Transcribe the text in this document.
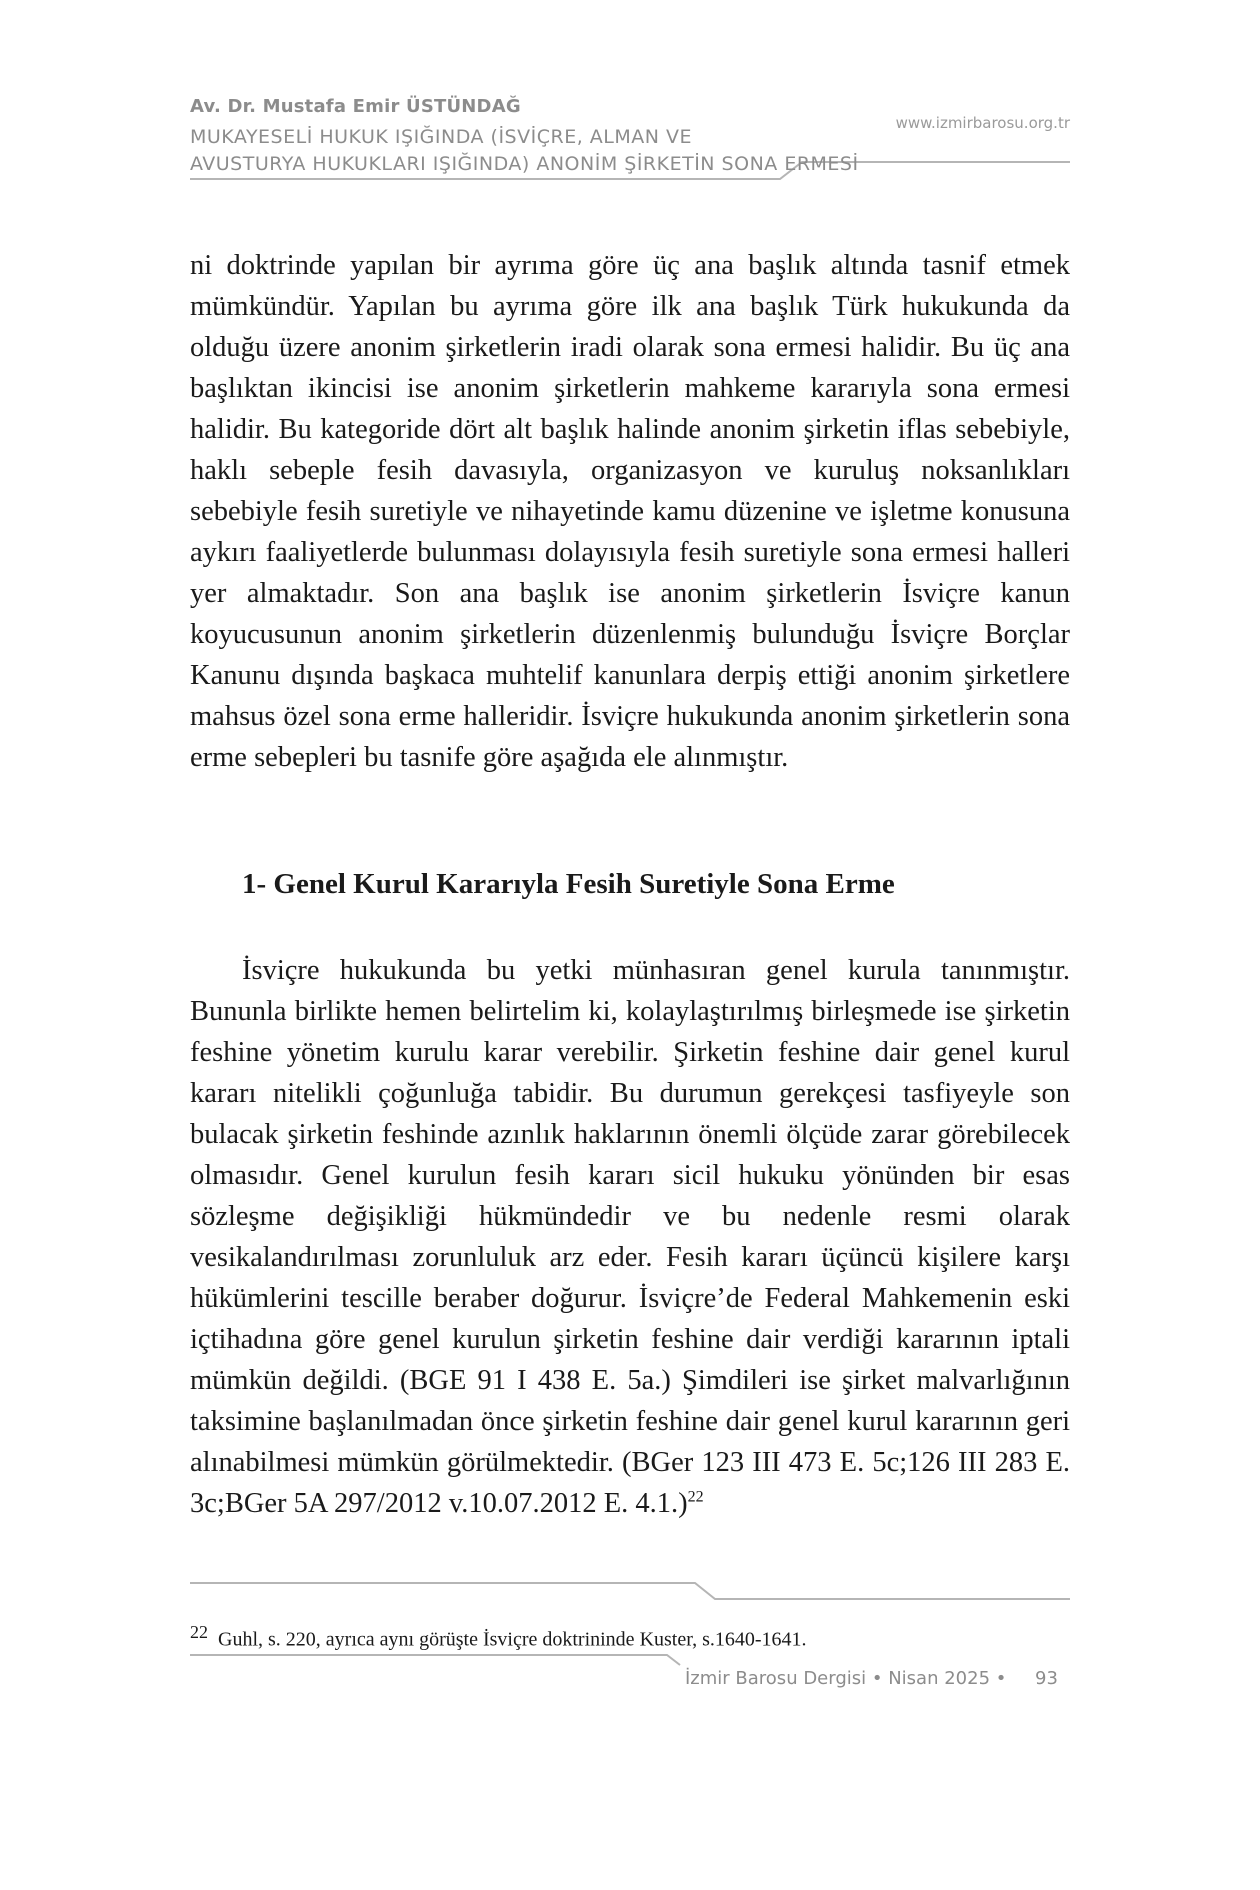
Av. Dr. Mustafa Emir ÜSTÜNDAĞ
MUKAYESELİ HUKUK IŞIĞINDA (İSVİÇRE, ALMAN VE
AVUSTURYA HUKUKLARI IŞIĞINDA) ANONİM ŞİRKETİN SONA ERMESİ
www.izmirbarosu.org.tr

ni doktrinde yapılan bir ayrıma göre üç ana başlık altında tasnif etmek mümkündür. Yapılan bu ayrıma göre ilk ana başlık Türk hukukunda da olduğu üzere anonim şirketlerin iradi olarak sona ermesi halidir. Bu üç ana başlıktan ikincisi ise anonim şirketlerin mahkeme kararıyla sona ermesi halidir. Bu kategoride dört alt başlık halinde anonim şirketin iflas sebebiyle, haklı sebeple fesih davasıyla, organizasyon ve kuruluş noksanlıkları sebebiyle fesih suretiyle ve nihayetinde kamu düzenine ve işletme konusuna aykırı faaliyetlerde bulunması dolayısıyla fesih suretiyle sona ermesi halleri yer almaktadır. Son ana başlık ise anonim şirketlerin İsviçre kanun koyucusunun anonim şirketlerin düzenlenmiş bulunduğu İsviçre Borçlar Kanunu dışında başkaca muhtelif kanunlara derpiş ettiği anonim şirketlere mahsus özel sona erme halleridir. İsviçre hukukunda anonim şirketlerin sona erme sebepleri bu tasnife göre aşağıda ele alınmıştır.

1- Genel Kurul Kararıyla Fesih Suretiyle Sona Erme

İsviçre hukukunda bu yetki münhasıran genel kurula tanınmıştır. Bununla birlikte hemen belirtelim ki, kolaylaştırılmış birleşmede ise şirketin feshine yönetim kurulu karar verebilir. Şirketin feshine dair genel kurul kararı nitelikli çoğunluğa tabidir. Bu durumun gerekçesi tasfiyeyle son bulacak şirketin feshinde azınlık haklarının önemli ölçüde zarar görebilecek olmasıdır. Genel kurulun fesih kararı sicil hukuku yönünden bir esas sözleşme değişikliği hükmündedir ve bu nedenle resmi olarak vesikalandırılması zorunluluk arz eder. Fesih kararı üçüncü kişilere karşı hükümlerini tescille beraber doğurur. İsviçre’de Federal Mahkemenin eski içtihadına göre genel kurulun şirketin feshine dair verdiği kararının iptali mümkün değildi. (BGE 91 I 438 E. 5a.) Şimdileri ise şirket malvarlığının taksimine başlanılmadan önce şirketin feshine dair genel kurul kararının geri alınabilmesi mümkün görülmektedir. (BGer 123 III 473 E. 5c;126 III 283 E. 3c;BGer 5A 297/2012 v.10.07.2012 E. 4.1.)$^{22}$

22 Guhl, s. 220, ayrıca aynı görüşte İsviçre doktrininde Kuster, s.1640-1641.
İzmir Barosu Dergisi • Nisan 2025 • 93
